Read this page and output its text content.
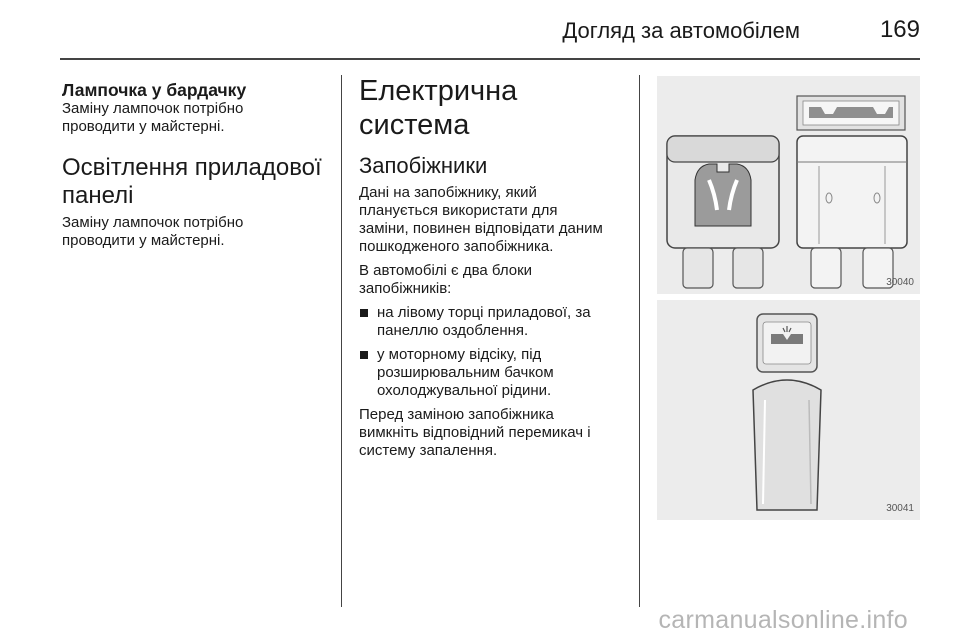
Догляд за автомобілем	169
Лампочка у бардачку
Заміну лампочок потрібно
проводити у майстерні.
Освітлення приладової
панелі
Заміну лампочок потрібно
проводити у майстерні.
Електрична система
Запобіжники
Дані на запобіжнику, який
планується використати для
заміни, повинен відповідати даним
пошкодженого запобіжника.
В автомобілі є два блоки
запобіжників:
на лівому торці приладової, за
панеллю оздоблення.
у моторному відсіку, під
розширювальним бачком
охолоджувальної рідини.
Перед заміною запобіжника
вимкніть відповідний перемикач і
систему запалення.
30040
30041
carmanualsonline.info
